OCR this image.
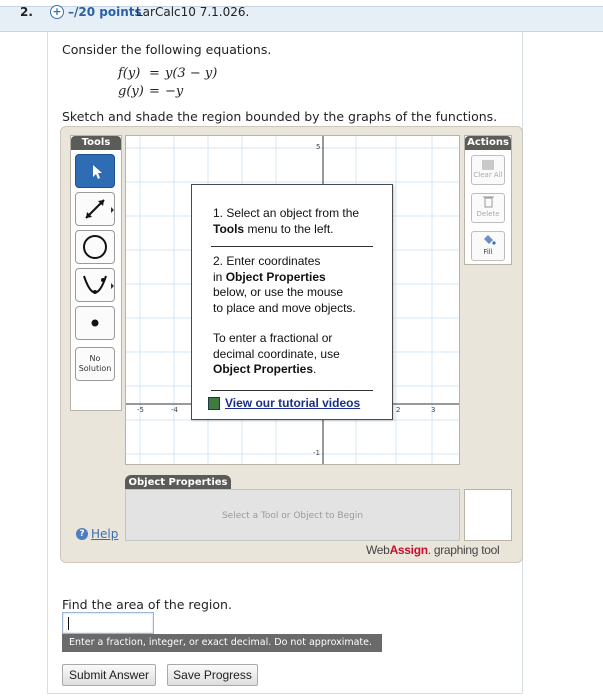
2. + –/20 points
LarCalc10 7.1.026.
Consider the following equations.
f(y) = y(3 − y)
g(y) = −y
Sketch and shade the region bounded by the graphs of the functions.
Tools
No Solution
Actions
Clear All
Delete
Fill
5
-1
-5	-4	2	3
1. Select an object from the
Tools menu to the left.
2. Enter coordinates
in Object Properties
below, or use the mouse
to place and move objects.
To enter a fractional or
decimal coordinate, use
Object Properties.
View our tutorial videos
Object Properties
Select a Tool or Object to Begin
? Help
WebAssign. graphing tool
Find the area of the region.
Enter a fraction, integer, or exact decimal. Do not approximate.
Submit Answer	Save Progress
